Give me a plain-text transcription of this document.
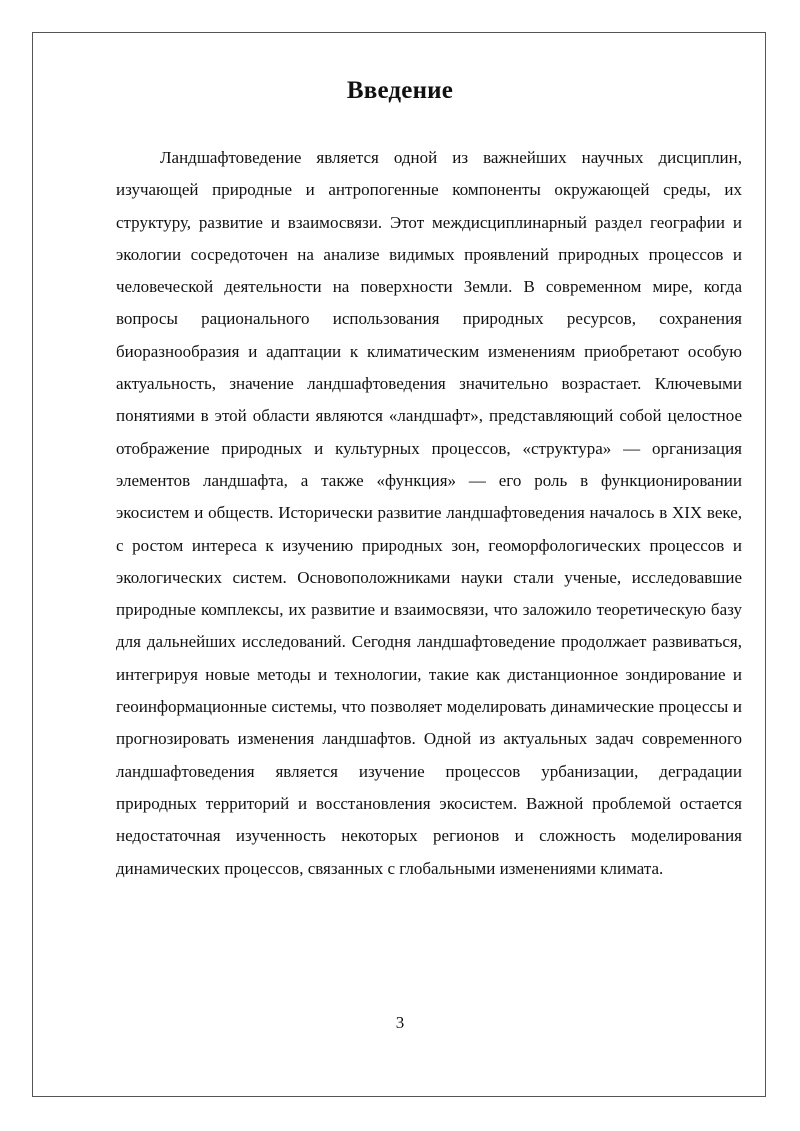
Введение

Ландшафтоведение является одной из важнейших научных дисциплин, изучающей природные и антропогенные компоненты окружающей среды, их структуру, развитие и взаимосвязи. Этот междисциплинарный раздел географии и экологии сосредоточен на анализе видимых проявлений природных процессов и человеческой деятельности на поверхности Земли. В современном мире, когда вопросы рационального использования природных ресурсов, сохранения биоразнообразия и адаптации к климатическим изменениям приобретают особую актуальность, значение ландшафтоведения значительно возрастает. Ключевыми понятиями в этой области являются «ландшафт», представляющий собой целостное отображение природных и культурных процессов, «структура» — организация элементов ландшафта, а также «функция» — его роль в функционировании экосистем и обществ. Исторически развитие ландшафтоведения началось в XIX веке, с ростом интереса к изучению природных зон, геоморфологических процессов и экологических систем. Основоположниками науки стали ученые, исследовавшие природные комплексы, их развитие и взаимосвязи, что заложило теоретическую базу для дальнейших исследований. Сегодня ландшафтоведение продолжает развиваться, интегрируя новые методы и технологии, такие как дистанционное зондирование и геоинформационные системы, что позволяет моделировать динамические процессы и прогнозировать изменения ландшафтов. Одной из актуальных задач современного ландшафтоведения является изучение процессов урбанизации, деградации природных территорий и восстановления экосистем. Важной проблемой остается недостаточная изученность некоторых регионов и сложность моделирования динамических процессов, связанных с глобальными изменениями климата.

3
